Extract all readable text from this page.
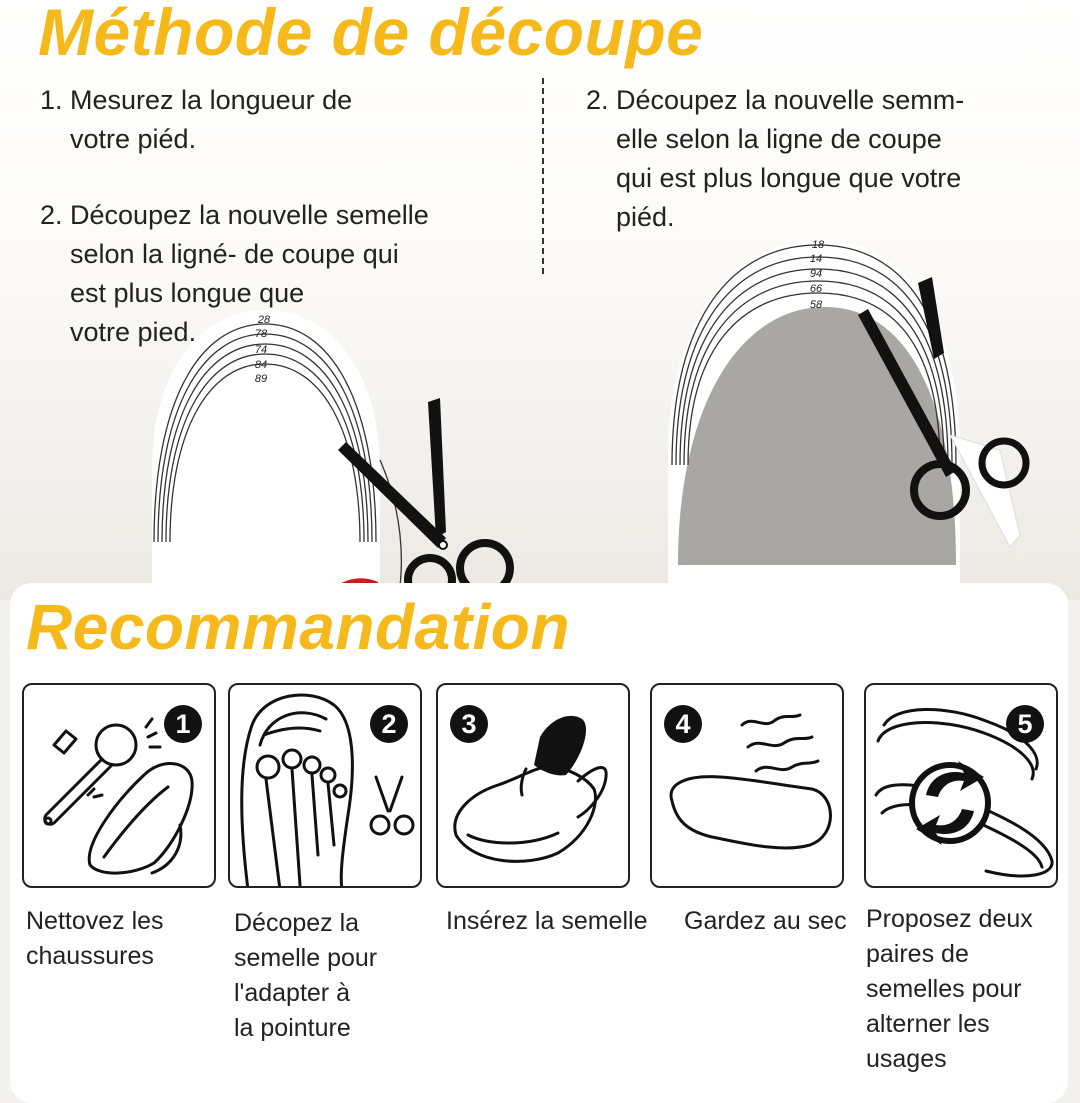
Méthode de découpe

1. Mesurez la longueur de
votre piéd.

2. Découpez la nouvelle semelle
selon la ligné- de coupe qui
est plus longue que
votre pied.

2. Découpez la nouvelle semm-
elle selon la ligne de coupe
qui est plus longue que votre
piéd.

28
78
74
84
89
18
14
94
66
58
Recommandation
1	2	3	4	5

Nettovez les
chaussures

Décopez la
semelle pour
l'adapter à
la pointure

Insérez la semelle Gardez au sec Proposez deux
paires de
semelles pour
alterner les
usages
